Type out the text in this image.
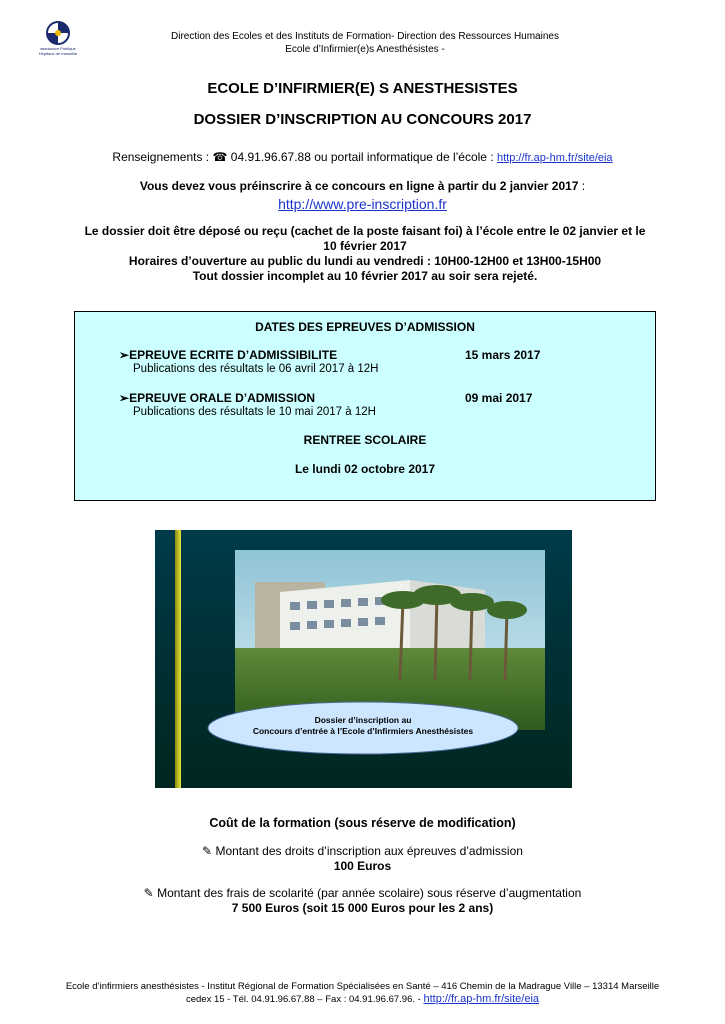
assistance Publique
Hôpitaux de marseille
Direction des Ecoles et des Instituts de Formation- Direction des Ressources Humaines
Ecole d’Infirmier(e)s Anesthésistes -
ECOLE D’INFIRMIER(E) S ANESTHESISTES
DOSSIER D’INSCRIPTION AU CONCOURS 2017
Renseignements : ☎ 04.91.96.67.88 ou portail informatique de l’école : http://fr.ap-hm.fr/site/eia
Vous devez vous préinscrire à ce concours en ligne à partir du 2 janvier 2017 :
http://www.pre-inscription.fr
Le dossier doit être déposé ou reçu (cachet de la poste faisant foi) à l’école entre le 02 janvier et le
10 février 2017
Horaires d’ouverture au public du lundi au vendredi : 10H00-12H00 et 13H00-15H00
Tout dossier incomplet au 10 février 2017 au soir sera rejeté.
DATES DES EPREUVES D’ADMISSION
➢EPREUVE ECRITE D’ADMISSIBILITE	15 mars 2017
Publications des résultats le 06 avril 2017 à 12H
➢EPREUVE ORALE D’ADMISSION	09 mai 2017
Publications des résultats le 10 mai 2017 à 12H
RENTREE SCOLAIRE
Le lundi 02 octobre 2017
Dossier d’inscription au
Concours d’entrée à l’Ecole d’Infirmiers Anesthésistes
Coût de la formation (sous réserve de modification)
✎ Montant des droits d’inscription aux épreuves d’admission
100 Euros
✎ Montant des frais de scolarité (par année scolaire) sous réserve d’augmentation
7 500 Euros (soit 15 000 Euros pour les 2 ans)
Ecole d’infirmiers anesthésistes - Institut Régional de Formation Spécialisées en Santé – 416 Chemin de la Madrague Ville – 13314 Marseille
cedex 15 - Tél. 04.91.96.67.88 – Fax : 04.91.96.67.96. - http://fr.ap-hm.fr/site/eia
